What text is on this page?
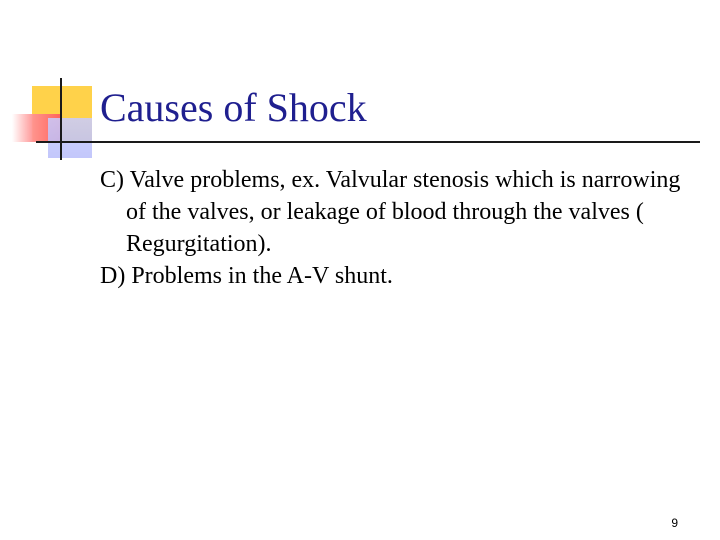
Causes of Shock
C) Valve problems, ex. Valvular stenosis which is narrowing of the valves, or leakage of blood through the valves ( Regurgitation).
D) Problems in the A-V shunt.
9
